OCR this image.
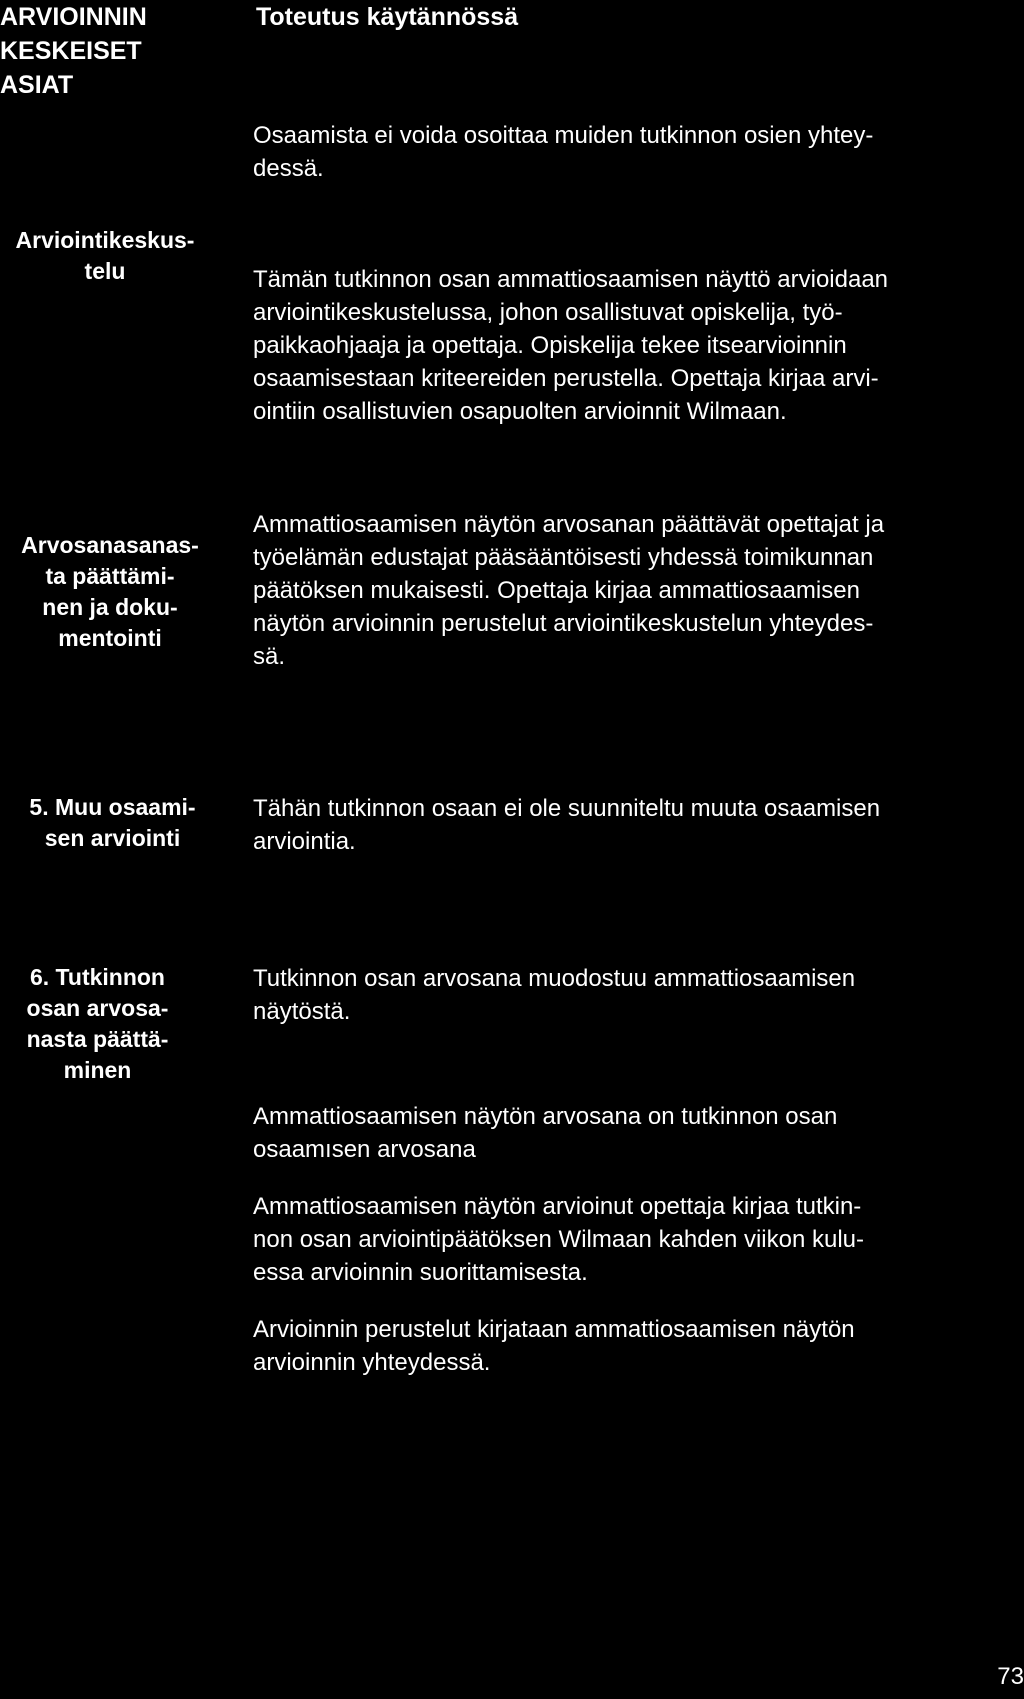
ARVIOINNIN
KESKEISET
ASIAT
Toteutus käytännössä
Osaamista ei voida osoittaa muiden tutkinnon osien yhtey-
dessä.
Arviointikeskus-
telu	Tämän tutkinnon osan ammattiosaamisen näyttö arvioidaan
arviointikeskustelussa, johon osallistuvat opiskelija, työ-
paikkaohjaaja ja opettaja. Opiskelija tekee itsearvioinnin
osaamisestaan kriteereiden perustella. Opettaja kirjaa arvi-
ointiin osallistuvien osapuolten arvioinnit Wilmaan.
Arvosanasanas-
ta päättämi-
nen ja doku-
mentointi
Ammattiosaamisen näytön arvosanan päättävät opettajat ja
työelämän edustajat pääsääntöisesti yhdessä toimikunnan
päätöksen mukaisesti. Opettaja kirjaa ammattiosaamisen
näytön arvioinnin perustelut arviointikeskustelun yhteydes-
sä.
5. Muu osaami-
sen arviointi
Tähän tutkinnon osaan ei ole suunniteltu muuta osaamisen
arviointia.
6. Tutkinnon
osan arvosa-
nasta päättä-
minen
Tutkinnon osan arvosana muodostuu ammattiosaamisen
näytöstä.
Ammattiosaamisen näytön arvosana on tutkinnon osan
osaamısen arvosana
Ammattiosaamisen näytön arvioinut opettaja kirjaa tutkin-
non osan arviointipäätöksen Wilmaan kahden viikon kulu-
essa arvioinnin suorittamisesta.
Arvioinnin perustelut kirjataan ammattiosaamisen näytön
arvioinnin yhteydessä.
73
